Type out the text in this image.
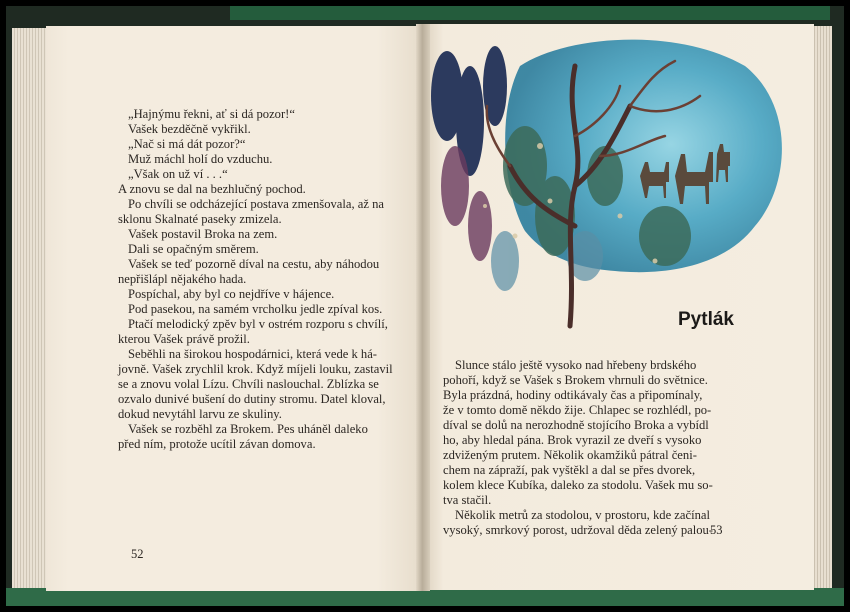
„Hajnýmu řekni, ať si dá pozor!“
Vašek bezděčně vykřikl.
„Nač si má dát pozor?“
Muž máchl holí do vzduchu.
„Však on už ví . . .“
A znovu se dal na bezhlučný pochod.
Po chvíli se odcházející postava zmenšovala, až na
sklonu Skalnaté paseky zmizela.
Vašek postavil Broka na zem.
Dali se opačným směrem.
Vašek se teď pozorně díval na cestu, aby náhodou
nepřišlápl nějakého hada.
Pospíchal, aby byl co nejdříve v hájence.
Pod pasekou, na samém vrcholku jedle zpíval kos.
Ptačí melodický zpěv byl v ostrém rozporu s chvílí,
kterou Vašek právě prožil.
Seběhli na širokou hospodárnici, která vede k há-
jovně. Vašek zrychlil krok. Když míjeli louku, zastavil
se a znovu volal Lízu. Chvíli naslouchal. Zblízka se
ozvalo dunivé bušení do dutiny stromu. Datel kloval,
dokud nevytáhl larvu ze skuliny.
Vašek se rozběhl za Brokem. Pes uháněl daleko
před ním, protože ucítil závan domova.
52
Pytlák
Slunce stálo ještě vysoko nad hřebeny brdského
pohoří, když se Vašek s Brokem vhrnuli do světnice.
Byla prázdná, hodiny odtikávaly čas a připomínaly,
že v tomto domě někdo žije. Chlapec se rozhlédl, po-
díval se dolů na nerozhodně stojícího Broka a vybídl
ho, aby hledal pána. Brok vyrazil ze dveří s vysoko
zdviženým prutem. Několik okamžiků pátral čeni-
chem na zápraží, pak vyštěkl a dal se přes dvorek,
kolem klece Kubíka, daleko za stodolu. Vašek mu so-
tva stačil.
Několik metrů za stodolou, v prostoru, kde začínal
vysoký, smrkový porost, udržoval děda zelený palou-
53
